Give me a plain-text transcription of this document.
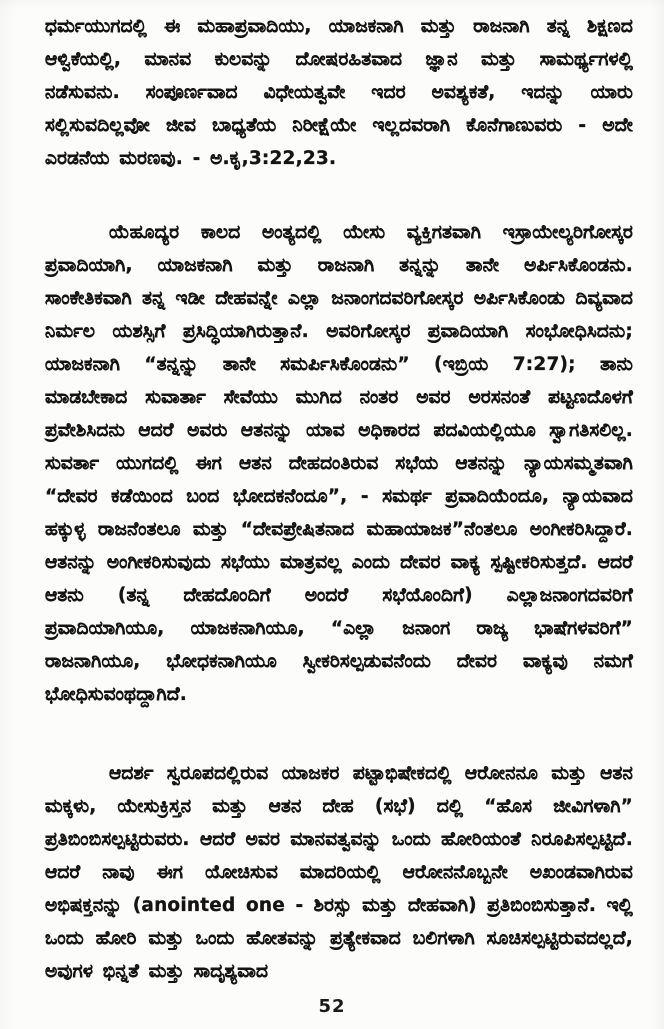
ಧರ್ಮಯುಗದಲ್ಲಿ ಈ ಮಹಾಪ್ರವಾದಿಯು, ಯಾಜಕನಾಗಿ ಮತ್ತು ರಾಜನಾಗಿ ತನ್ನ ಶಿಕ್ಷಣದ ಆಳ್ವಿಕೆಯಲ್ಲಿ, ಮಾನವ ಕುಲವನ್ನು ದೋಷರಹಿತವಾದ ಜ್ಞಾನ ಮತ್ತು ಸಾಮರ್ಥ್ಯಗಳಲ್ಲಿ ನಡೆಸುವನು. ಸಂಪೂರ್ಣವಾದ ವಿಧೇಯತ್ವವೇ ಇದರ ಅವಶ್ಯಕತೆ, ಇದನ್ನು ಯಾರು ಸಲ್ಲಿಸುವದಿಲ್ಲವೋ ಜೀವ ಬಾಧ್ಯತೆಯ ನಿರೀಕ್ಷೆಯೇ ಇಲ್ಲದವರಾಗಿ ಕೊನೆಗಾಣುವರು - ಅದೇ ಎರಡನೆಯ ಮರಣವು. - ಅ.ಕೃ,3:22,23.

ಯೆಹೂದ್ಯರ ಕಾಲದ ಅಂತ್ಯದಲ್ಲಿ ಯೇಸು ವ್ಯಕ್ತಿಗತವಾಗಿ ಇಸ್ರಾಯೇಲ್ಯರಿಗೋಸ್ಕರ ಪ್ರವಾದಿಯಾಗಿ, ಯಾಜಕನಾಗಿ ಮತ್ತು ರಾಜನಾಗಿ ತನ್ನನ್ನು ತಾನೇ ಅರ್ಪಿಸಿಕೊಂಡನು. ಸಾಂಕೇತಿಕವಾಗಿ ತನ್ನ ಇಡೀ ದೇಹವನ್ನೇ ಎಲ್ಲಾ ಜನಾಂಗದವರಿಗೋಸ್ಕರ ಅರ್ಪಿಸಿಕೊಂಡು ದಿವ್ಯವಾದ ನಿರ್ಮಲ ಯಶಸ್ಸಿಗೆ ಪ್ರಸಿದ್ಧಿಯಾಗಿರುತ್ತಾನೆ. ಅವರಿಗೋಸ್ಕರ ಪ್ರವಾದಿಯಾಗಿ ಸಂಭೋಧಿಸಿದನು; ಯಾಜಕನಾಗಿ “ತನ್ನನ್ನು ತಾನೇ ಸಮರ್ಪಿಸಿಕೊಂಡನು” (ಇಬ್ರಿಯ 7:27); ತಾನು ಮಾಡಬೇಕಾದ ಸುವಾರ್ತಾ ಸೇವೆಯು ಮುಗಿದ ನಂತರ ಅವರ ಅರಸನಂತೆ ಪಟ್ಟಣದೊಳಗೆ ಪ್ರವೇಶಿಸಿದನು ಆದರೆ ಅವರು ಆತನನ್ನು ಯಾವ ಅಧಿಕಾರದ ಪದವಿಯಲ್ಲಿಯೂ ಸ್ವಾಗತಿಸಲಿಲ್ಲ. ಸುವರ್ತಾ ಯುಗದಲ್ಲಿ ಈಗ ಆತನ ದೇಹದಂತಿರುವ ಸಭೆಯ ಆತನನ್ನು ನ್ಯಾಯಸಮ್ಮತವಾಗಿ “ದೇವರ ಕಡೆಯಿಂದ ಬಂದ ಭೋದಕನೆಂದೂ”, - ಸಮರ್ಥ ಪ್ರವಾದಿಯೆಂದೂ, ನ್ಯಾಯವಾದ ಹಕ್ಕುಳ್ಳ ರಾಜನೆಂತಲೂ ಮತ್ತು “ದೇವಪ್ರೇಷಿತನಾದ ಮಹಾಯಾಜಕ”ನೆಂತಲೂ ಅಂಗೀಕರಿಸಿದ್ದಾರೆ. ಆತನನ್ನು ಅಂಗೀಕರಿಸುವುದು ಸಭೆಯು ಮಾತ್ರವಲ್ಲ ಎಂದು ದೇವರ ವಾಕ್ಯ ಸ್ಪಷ್ಟೀಕರಿಸುತ್ತದೆ. ಆದರೆ ಆತನು (ತನ್ನ ದೇಹದೊಂದಿಗೆ ಅಂದರೆ ಸಭೆಯೊಂದಿಗೆ) ಎಲ್ಲಾಜನಾಂಗದವರಿಗೆ ಪ್ರವಾದಿಯಾಗಿಯೂ, ಯಾಜಕನಾಗಿಯೂ, “ಎಲ್ಲಾ ಜನಾಂಗ ರಾಜ್ಯ ಭಾಷೆಗಳವರಿಗೆ” ರಾಜನಾಗಿಯೂ, ಭೋಧಕನಾಗಿಯೂ ಸ್ವೀಕರಿಸಲ್ಪಡುವನೆಂದು ದೇವರ ವಾಕ್ಯವು ನಮಗೆ ಭೋಧಿಸುವಂಥದ್ದಾಗಿದೆ.

ಆದರ್ಶ ಸ್ವರೂಪದಲ್ಲಿರುವ ಯಾಜಕರ ಪಟ್ಟಾಭಿಷೇಕದಲ್ಲಿ ಆರೋನನೂ ಮತ್ತು ಆತನ ಮಕ್ಕಳು, ಯೇಸುಕ್ರಿಸ್ತನ ಮತ್ತು ಆತನ ದೇಹ (ಸಭೆ) ದಲ್ಲಿ “ಹೊಸ ಜೀವಿಗಳಾಗಿ” ಪ್ರತಿಬಿಂಬಿಸಲ್ಪಟ್ಟಿರುವರು. ಆದರೆ ಅವರ ಮಾನವತ್ವವನ್ನು ಒಂದು ಹೋರಿಯಂತೆ ನಿರೂಪಿಸಲ್ಪಟ್ಟಿದೆ. ಆದರೆ ನಾವು ಈಗ ಯೋಚಿಸುವ ಮಾದರಿಯಲ್ಲಿ ಆರೋನನೊಬ್ಬನೇ ಅಖಂಡವಾಗಿರುವ ಅಭಿಷಕ್ತನನ್ನು (anointed one - ಶಿರಸ್ಸು ಮತ್ತು ದೇಹವಾಗಿ) ಪ್ರತಿಬಿಂಬಿಸುತ್ತಾನೆ. ಇಲ್ಲಿ ಒಂದು ಹೋರಿ ಮತ್ತು ಒಂದು ಹೋತವನ್ನು ಪ್ರತ್ಯೇಕವಾದ ಬಲಿಗಳಾಗಿ ಸೂಚಿಸಲ್ಪಟ್ಟಿರುವದಲ್ಲದೆ, ಅವುಗಳ ಭಿನ್ನತೆ ಮತ್ತು ಸಾದೃಶ್ಯವಾದ

52
